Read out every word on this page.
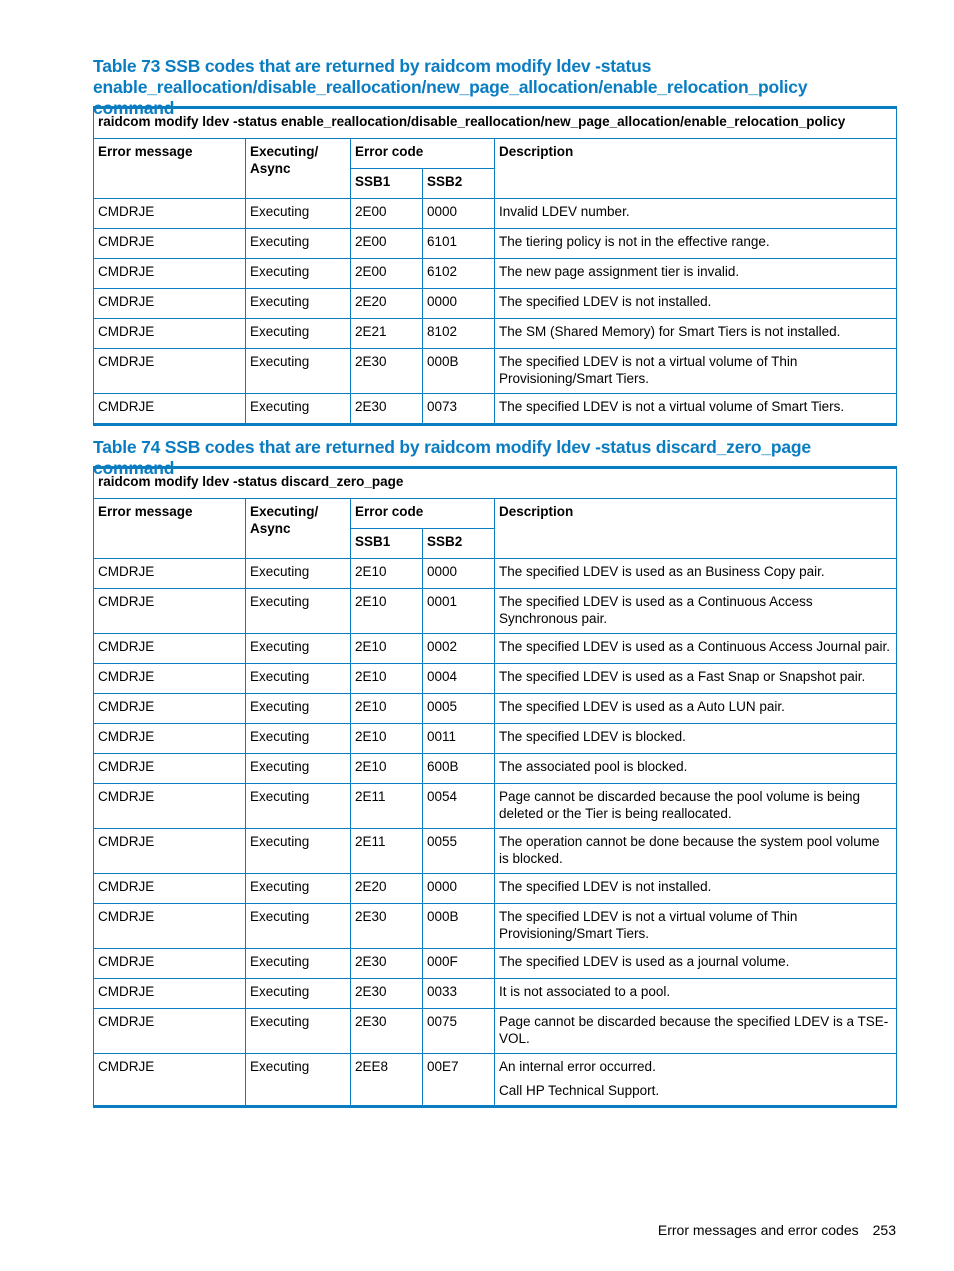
Table 73 SSB codes that are returned by raidcom modify ldev -status enable_reallocation/disable_reallocation/new_page_allocation/enable_relocation_policy command
raidcom modify ldev -status enable_reallocation/disable_reallocation/new_page_allocation/enable_relocation_policy				
Error message	Executing/ Async	Error code		Description
		SSB1	SSB2	
CMDRJE	Executing	2E00	0000	Invalid LDEV number.

CMDRJE	Executing	2E00	6101	The tiering policy is not in the effective range.

CMDRJE	Executing	2E00	6102	The new page assignment tier is invalid.

CMDRJE	Executing	2E20	0000	The specified LDEV is not installed.

CMDRJE	Executing	2E21	8102	The SM (Shared Memory) for Smart Tiers is not installed.

CMDRJE	Executing	2E30	000B	The specified LDEV is not a virtual volume of Thin Provisioning/Smart Tiers.

CMDRJE	Executing	2E30	0073	The specified LDEV is not a virtual volume of Smart Tiers.
Table 74 SSB codes that are returned by raidcom modify ldev -status discard_zero_page command
raidcom modify ldev -status discard_zero_page				
Error message	Executing/ Async	Error code		Description
		SSB1	SSB2	
CMDRJE	Executing	2E10	0000	The specified LDEV is used as an Business Copy pair.

CMDRJE	Executing	2E10	0001	The specified LDEV is used as a Continuous Access Synchronous pair.

CMDRJE	Executing	2E10	0002	The specified LDEV is used as a Continuous Access Journal pair.

CMDRJE	Executing	2E10	0004	The specified LDEV is used as a Fast Snap or Snapshot pair.

CMDRJE	Executing	2E10	0005	The specified LDEV is used as a Auto LUN pair.

CMDRJE	Executing	2E10	0011	The specified LDEV is blocked.

CMDRJE	Executing	2E10	600B	The associated pool is blocked.

CMDRJE	Executing	2E11	0054	Page cannot be discarded because the pool volume is being deleted or the Tier is being reallocated.

CMDRJE	Executing	2E11	0055	The operation cannot be done because the system pool volume is blocked.

CMDRJE	Executing	2E20	0000	The specified LDEV is not installed.

CMDRJE	Executing	2E30	000B	The specified LDEV is not a virtual volume of Thin Provisioning/Smart Tiers.

CMDRJE	Executing	2E30	000F	The specified LDEV is used as a journal volume.

CMDRJE	Executing	2E30	0033	It is not associated to a pool.

CMDRJE	Executing	2E30	0075	Page cannot be discarded because the specified LDEV is a TSE-VOL.

CMDRJE	Executing	2EE8	00E7	An internal error occurred.
Call HP Technical Support.
Error messages and error codes 253
